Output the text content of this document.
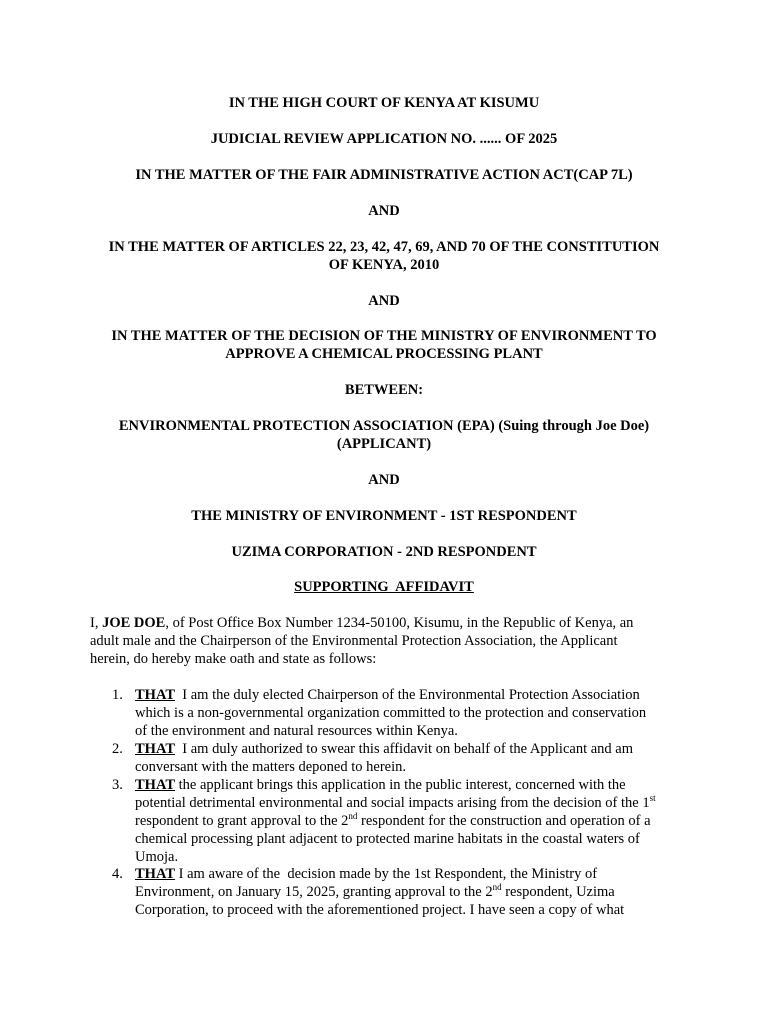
IN THE HIGH COURT OF KENYA AT KISUMU

JUDICIAL REVIEW APPLICATION NO. ...... OF 2025

IN THE MATTER OF THE FAIR ADMINISTRATIVE ACTION ACT(CAP 7L)

AND

IN THE MATTER OF ARTICLES 22, 23, 42, 47, 69, AND 70 OF THE CONSTITUTION

OF KENYA, 2010

AND

IN THE MATTER OF THE DECISION OF THE MINISTRY OF ENVIRONMENT TO

APPROVE A CHEMICAL PROCESSING PLANT

BETWEEN:

ENVIRONMENTAL PROTECTION ASSOCIATION (EPA) (Suing through Joe Doe)

(APPLICANT)

AND

THE MINISTRY OF ENVIRONMENT - 1ST RESPONDENT

UZIMA CORPORATION - 2ND RESPONDENT

SUPPORTING  AFFIDAVIT

I, JOE DOE, of Post Office Box Number 1234-50100, Kisumu, in the Republic of Kenya, an
adult male and the Chairperson of the Environmental Protection Association, the Applicant
herein, do hereby make oath and state as follows:
1. THAT  I am the duly elected Chairperson of the Environmental Protection Association
which is a non-governmental organization committed to the protection and conservation
of the environment and natural resources within Kenya.
2. THAT  I am duly authorized to swear this affidavit on behalf of the Applicant and am
conversant with the matters deponed to herein.
3. THAT the applicant brings this application in the public interest, concerned with the
potential detrimental environmental and social impacts arising from the decision of the 1st
respondent to grant approval to the 2nd respondent for the construction and operation of a
chemical processing plant adjacent to protected marine habitats in the coastal waters of
Umoja.
4. THAT I am aware of the  decision made by the 1st Respondent, the Ministry of
Environment, on January 15, 2025, granting approval to the 2nd respondent, Uzima
Corporation, to proceed with the aforementioned project. I have seen a copy of what
